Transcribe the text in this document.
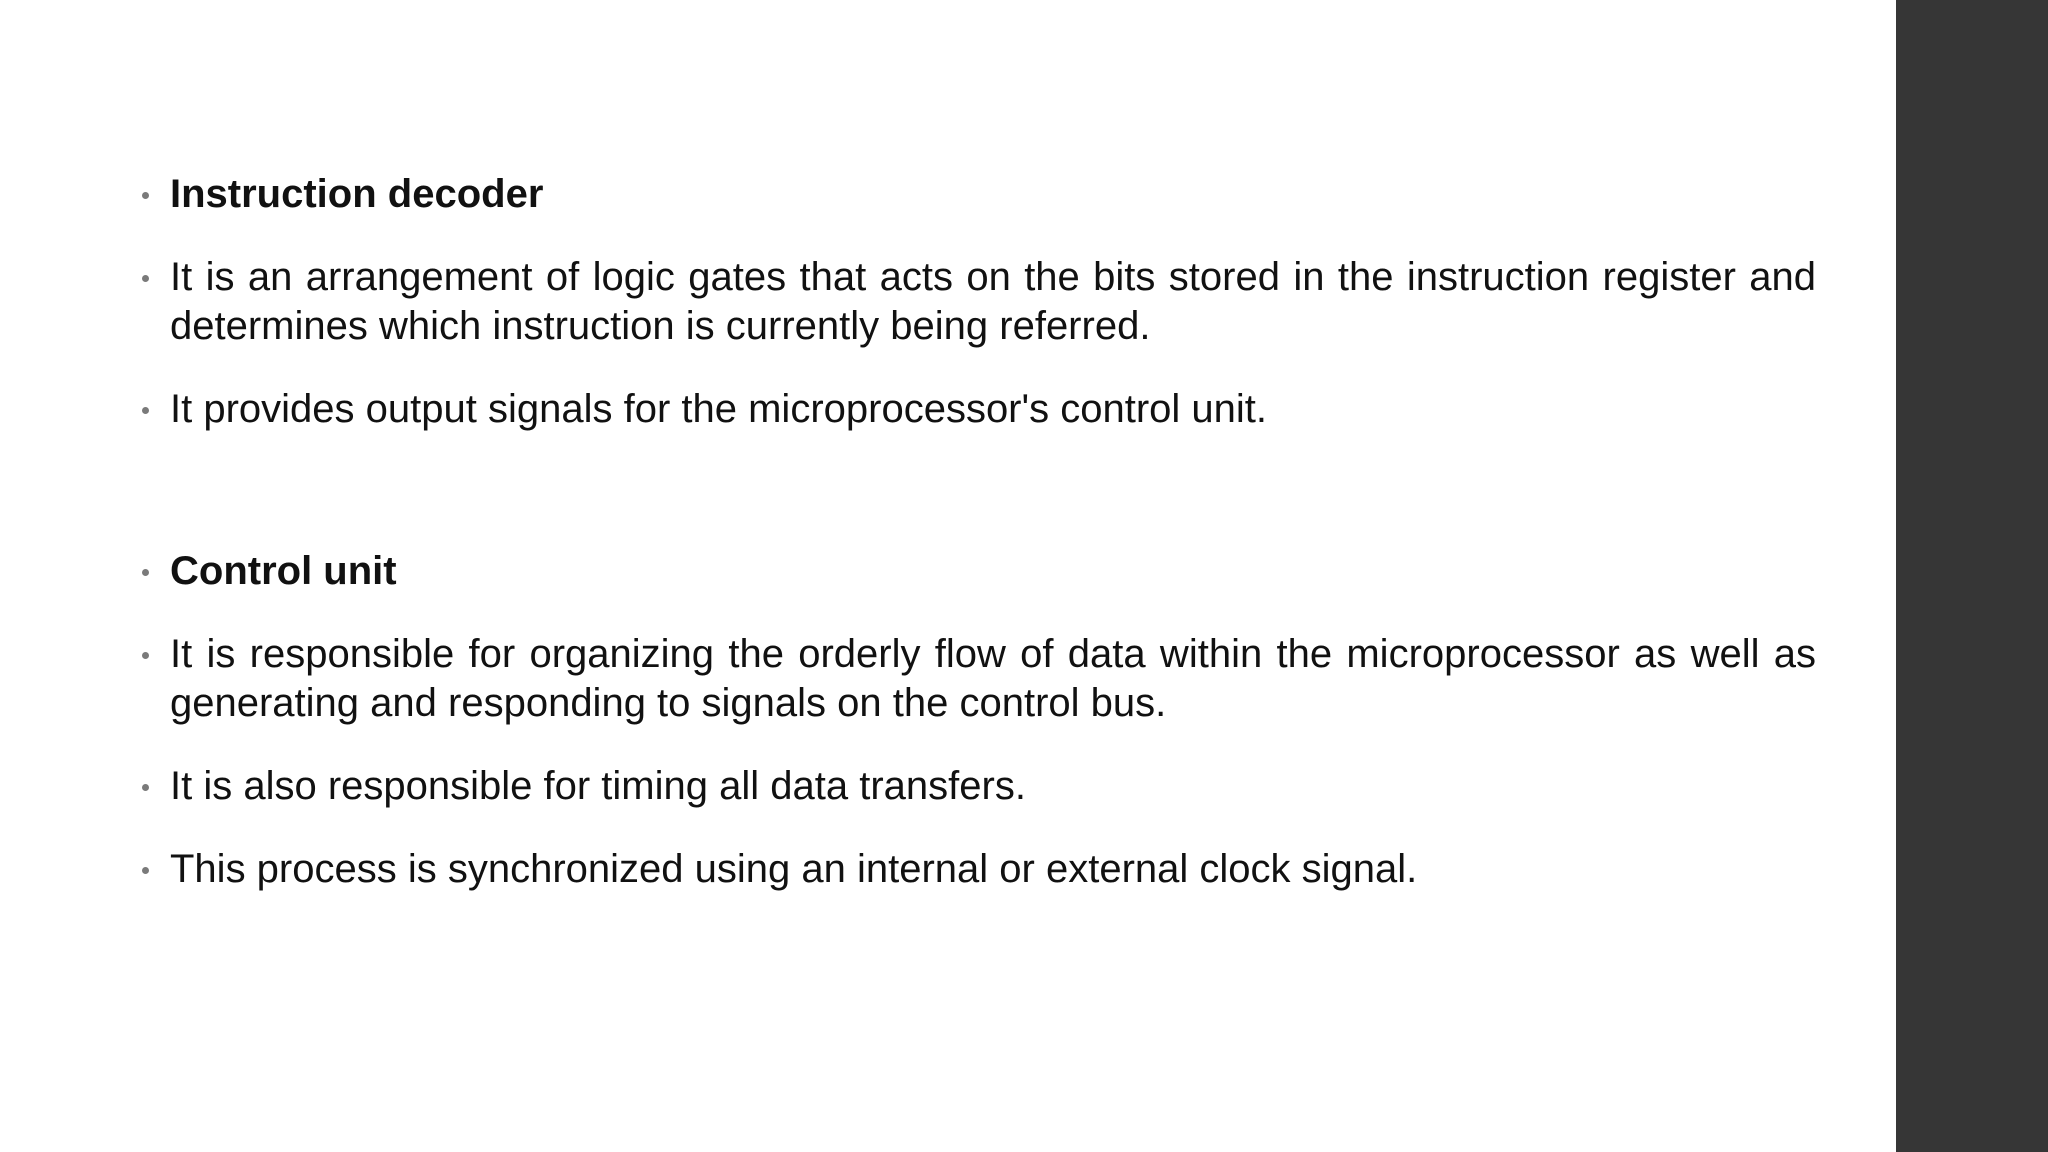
Instruction decoder
It is an arrangement of logic gates that acts on the bits stored in the instruction register and determines which instruction is currently being referred.
It provides output signals for the microprocessor's control unit.
Control unit
It is responsible for organizing the orderly flow of data within the microprocessor as well as generating and responding to signals on the control bus.
It is also responsible for timing all data transfers.
This process is synchronized using an internal or external clock signal.
